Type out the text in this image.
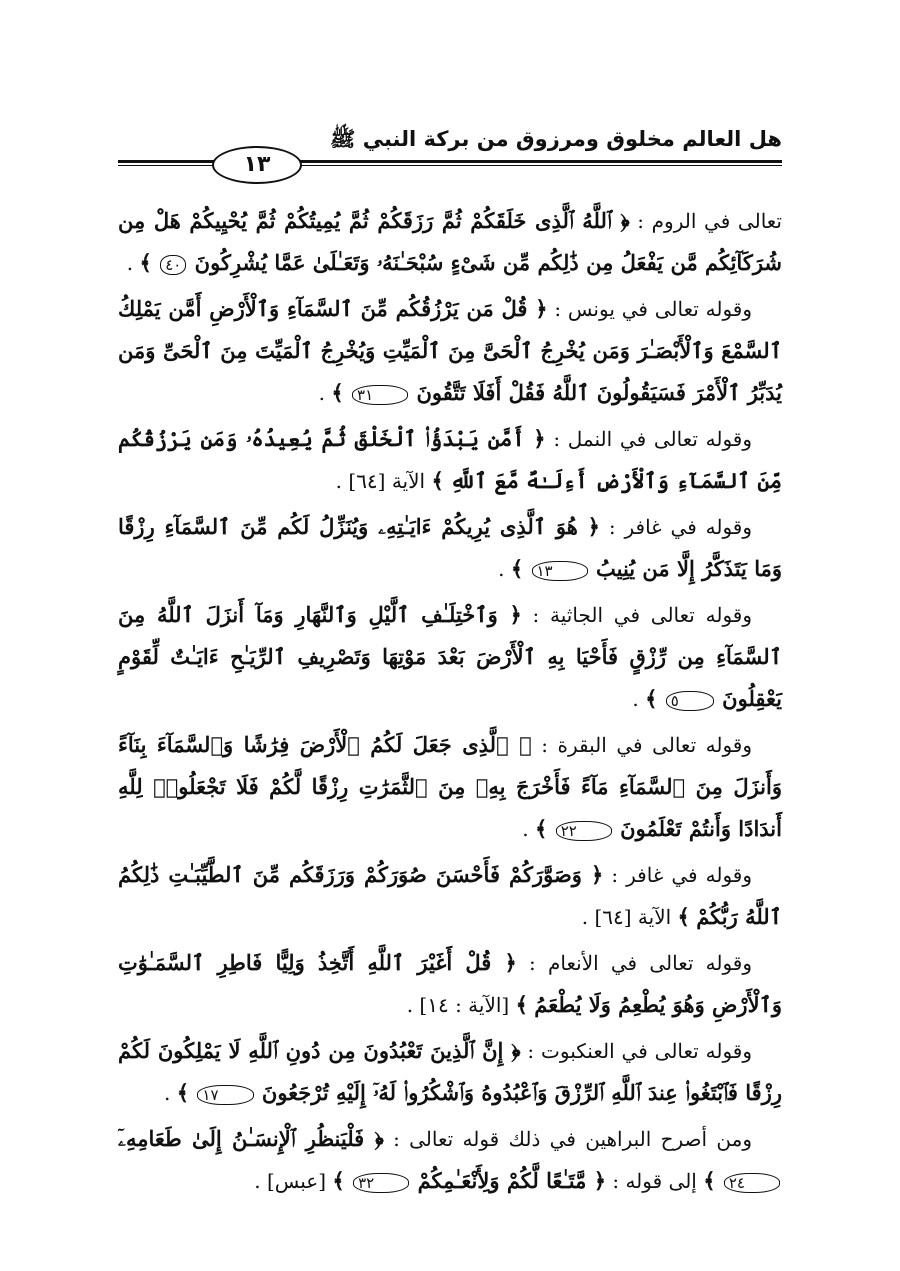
هل العالم مخلوق ومرزوق من بركة النبي ﷺ
١٣

تعالى في الروم : ﴿ ٱللَّهُ ٱلَّذِى خَلَقَكُمْ ثُمَّ رَزَقَكُمْ ثُمَّ يُمِيتُكُمْ ثُمَّ يُحْيِيكُمْ هَلْ مِن شُرَكَآئِكُم مَّن يَفْعَلُ مِن ذَٰلِكُم مِّن شَىْءٍ سُبْحَـٰنَهُۥ وَتَعَـٰلَىٰ عَمَّا يُشْرِكُونَ ٤٠ ﴾ .

وقوله تعالى في يونس : ﴿ قُلْ مَن يَرْزُقُكُم مِّنَ ٱلسَّمَآءِ وَٱلْأَرْضِ أَمَّن يَمْلِكُ ٱلسَّمْعَ وَٱلْأَبْصَـٰرَ وَمَن يُخْرِجُ ٱلْحَىَّ مِنَ ٱلْمَيِّتِ وَيُخْرِجُ ٱلْمَيِّتَ مِنَ ٱلْحَىِّ وَمَن يُدَبِّرُ ٱلْأَمْرَ فَسَيَقُولُونَ ٱللَّهُ فَقُلْ أَفَلَا تَتَّقُونَ ٣١ ﴾ .

وقوله تعالى في النمل : ﴿ أَمَّن يَبْدَؤُا۟ ٱلْخَلْقَ ثُمَّ يُعِيدُهُۥ وَمَن يَرْزُقُكُم مِّنَ ٱلسَّمَآءِ وَٱلْأَرْضِ أَءِلَـٰهٌ مَّعَ ٱللَّهِ ﴾ الآية [٦٤] .

وقوله في غافر : ﴿ هُوَ ٱلَّذِى يُرِيكُمْ ءَايَـٰتِهِۦ وَيُنَزِّلُ لَكُم مِّنَ ٱلسَّمَآءِ رِزْقًا وَمَا يَتَذَكَّرُ إِلَّا مَن يُنِيبُ ١٣ ﴾ .

وقوله تعالى في الجاثية : ﴿ وَٱخْتِلَـٰفِ ٱلَّيْلِ وَٱلنَّهَارِ وَمَآ أَنزَلَ ٱللَّهُ مِنَ ٱلسَّمَآءِ مِن رِّزْقٍ فَأَحْيَا بِهِ ٱلْأَرْضَ بَعْدَ مَوْتِهَا وَتَصْرِيفِ ٱلرِّيَـٰحِ ءَايَـٰتٌ لِّقَوْمٍ يَعْقِلُونَ ٥ ﴾ .

وقوله تعالى في البقرة : ﴿ ٱلَّذِى جَعَلَ لَكُمُ ٱلْأَرْضَ فِرَٰشًا وَٱلسَّمَآءَ بِنَآءً وَأَنزَلَ مِنَ ٱلسَّمَآءِ مَآءً فَأَخْرَجَ بِهِۦ مِنَ ٱلثَّمَرَٰتِ رِزْقًا لَّكُمْ فَلَا تَجْعَلُوا۟ لِلَّهِ أَندَادًا وَأَنتُمْ تَعْلَمُونَ ٢٢ ﴾ .

وقوله في غافر : ﴿ وَصَوَّرَكُمْ فَأَحْسَنَ صُوَرَكُمْ وَرَزَقَكُم مِّنَ ٱلطَّيِّبَـٰتِ ذَٰلِكُمُ ٱللَّهُ رَبُّكُمْ ﴾ الآية [٦٤] .

وقوله تعالى في الأنعام : ﴿ قُلْ أَغَيْرَ ٱللَّهِ أَتَّخِذُ وَلِيًّا فَاطِرِ ٱلسَّمَـٰوَٰتِ وَٱلْأَرْضِ وَهُوَ يُطْعِمُ وَلَا يُطْعَمُ ﴾ [الآية : ١٤] .

وقوله تعالى في العنكبوت : ﴿ إِنَّ ٱلَّذِينَ تَعْبُدُونَ مِن دُونِ ٱللَّهِ لَا يَمْلِكُونَ لَكُمْ رِزْقًا فَٱبْتَغُوا۟ عِندَ ٱللَّهِ ٱلرِّزْقَ وَٱعْبُدُوهُ وَٱشْكُرُوا۟ لَهُۥٓ إِلَيْهِ تُرْجَعُونَ ١٧ ﴾ .

ومن أصرح البراهين في ذلك قوله تعالى : ﴿ فَلْيَنظُرِ ٱلْإِنسَـٰنُ إِلَىٰ طَعَامِهِۦٓ ٢٤ ﴾ إلى قوله : ﴿ مَّتَـٰعًا لَّكُمْ وَلِأَنْعَـٰمِكُمْ ٣٢ ﴾ [عبس] .
